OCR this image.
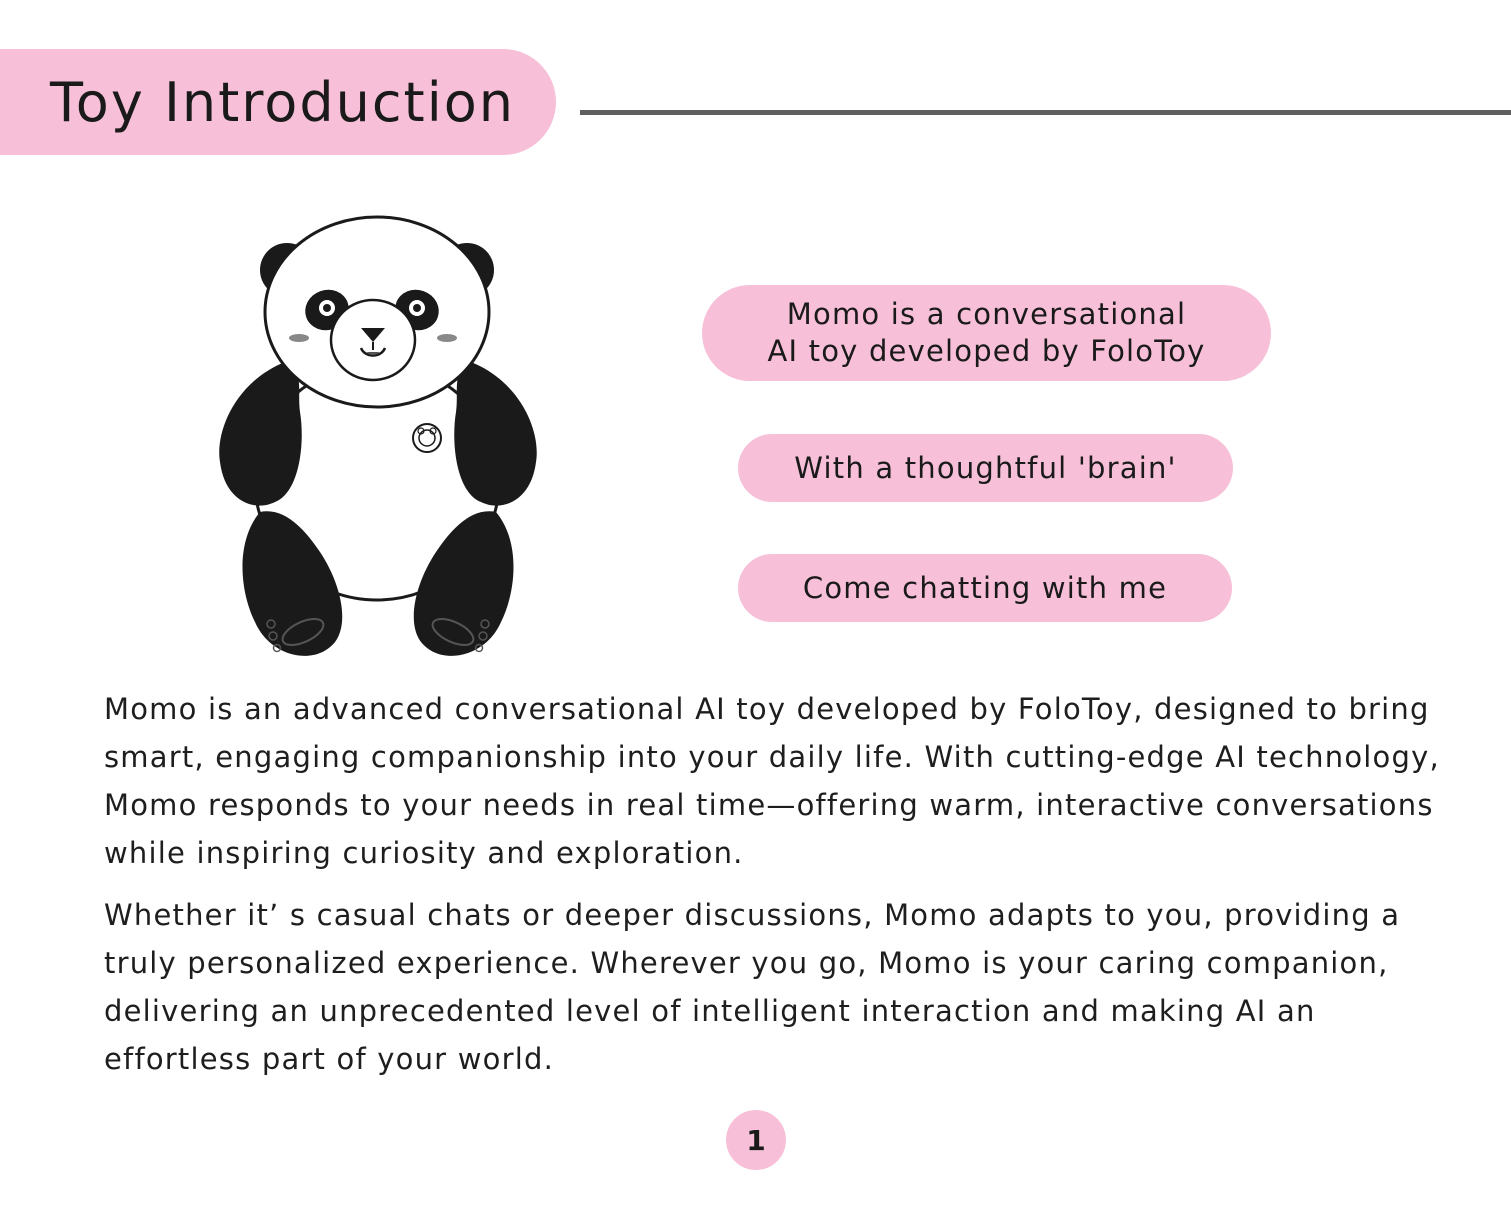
Toy Introduction
Momo is a conversational
AI toy developed by FoloToy
With a thoughtful 'brain'
Come chatting with me

Momo is an advanced conversational AI toy developed by FoloToy, designed to bring smart, engaging companionship into your daily life. With cutting-edge AI technology, Momo responds to your needs in real time—offering warm, interactive conversations while inspiring curiosity and exploration.

Whether it’ s casual chats or deeper discussions, Momo adapts to you, providing a truly personalized experience. Wherever you go, Momo is your caring companion, delivering an unprecedented level of intelligent interaction and making AI an effortless part of your world.

1
